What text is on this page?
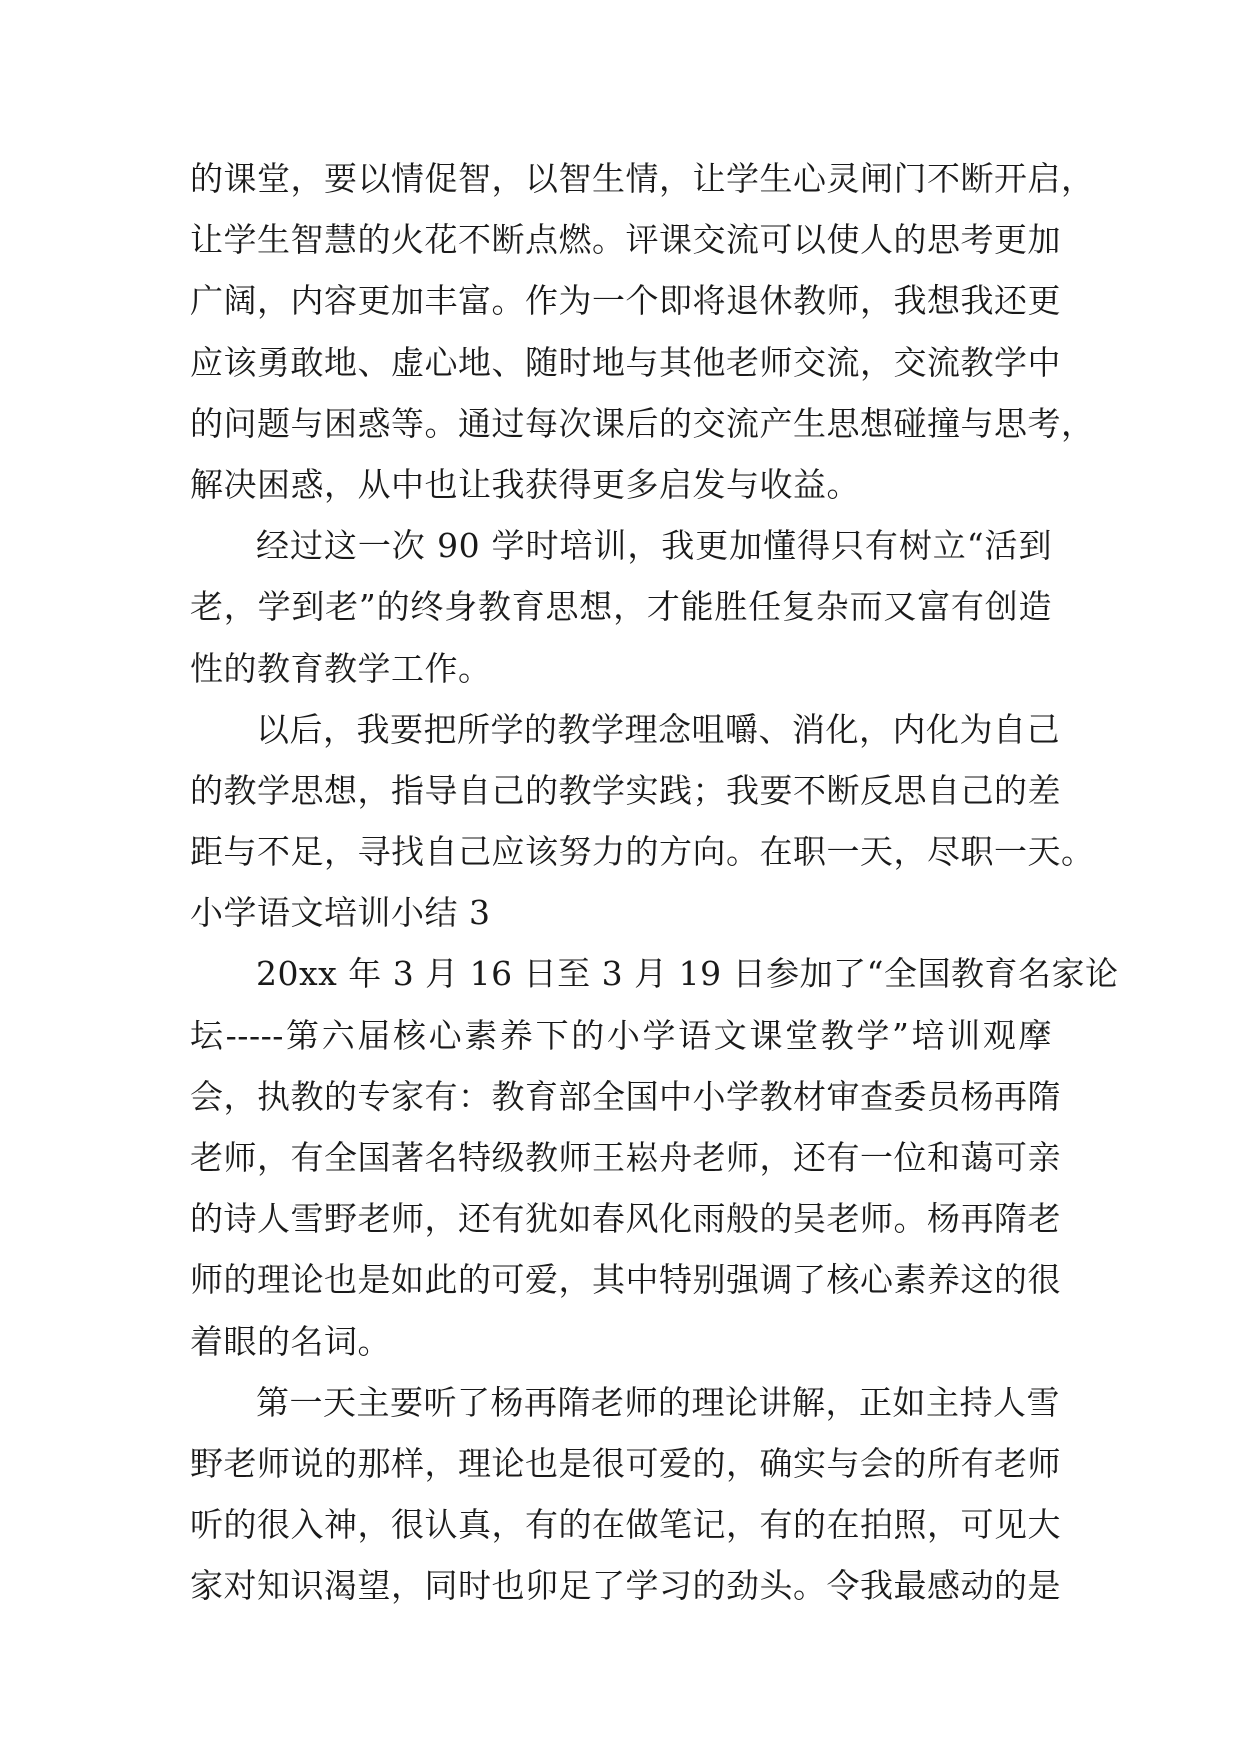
的课堂，要以情促智，以智生情，让学生心灵闸门不断开启，
让学生智慧的火花不断点燃。评课交流可以使人的思考更加
广阔，内容更加丰富。作为一个即将退休教师，我想我还更
应该勇敢地、虚心地、随时地与其他老师交流，交流教学中
的问题与困惑等。通过每次课后的交流产生思想碰撞与思考，
解决困惑，从中也让我获得更多启发与收益。
经过这一次 90 学时培训，我更加懂得只有树立“活到
老，学到老”的终身教育思想，才能胜任复杂而又富有创造
性的教育教学工作。
以后，我要把所学的教学理念咀嚼、消化，内化为自己
的教学思想，指导自己的教学实践；我要不断反思自己的差
距与不足，寻找自己应该努力的方向。在职一天，尽职一天。
小学语文培训小结 3
20xx 年 3 月 16 日至 3 月 19 日参加了“全国教育名家论
坛-----第六届核心素养下的小学语文课堂教学”培训观摩
会，执教的专家有：教育部全国中小学教材审查委员杨再隋
老师，有全国著名特级教师王崧舟老师，还有一位和蔼可亲
的诗人雪野老师，还有犹如春风化雨般的吴老师。杨再隋老
师的理论也是如此的可爱，其中特别强调了核心素养这的很
着眼的名词。
第一天主要听了杨再隋老师的理论讲解，正如主持人雪
野老师说的那样，理论也是很可爱的，确实与会的所有老师
听的很入神，很认真，有的在做笔记，有的在拍照，可见大
家对知识渴望，同时也卯足了学习的劲头。令我最感动的是
